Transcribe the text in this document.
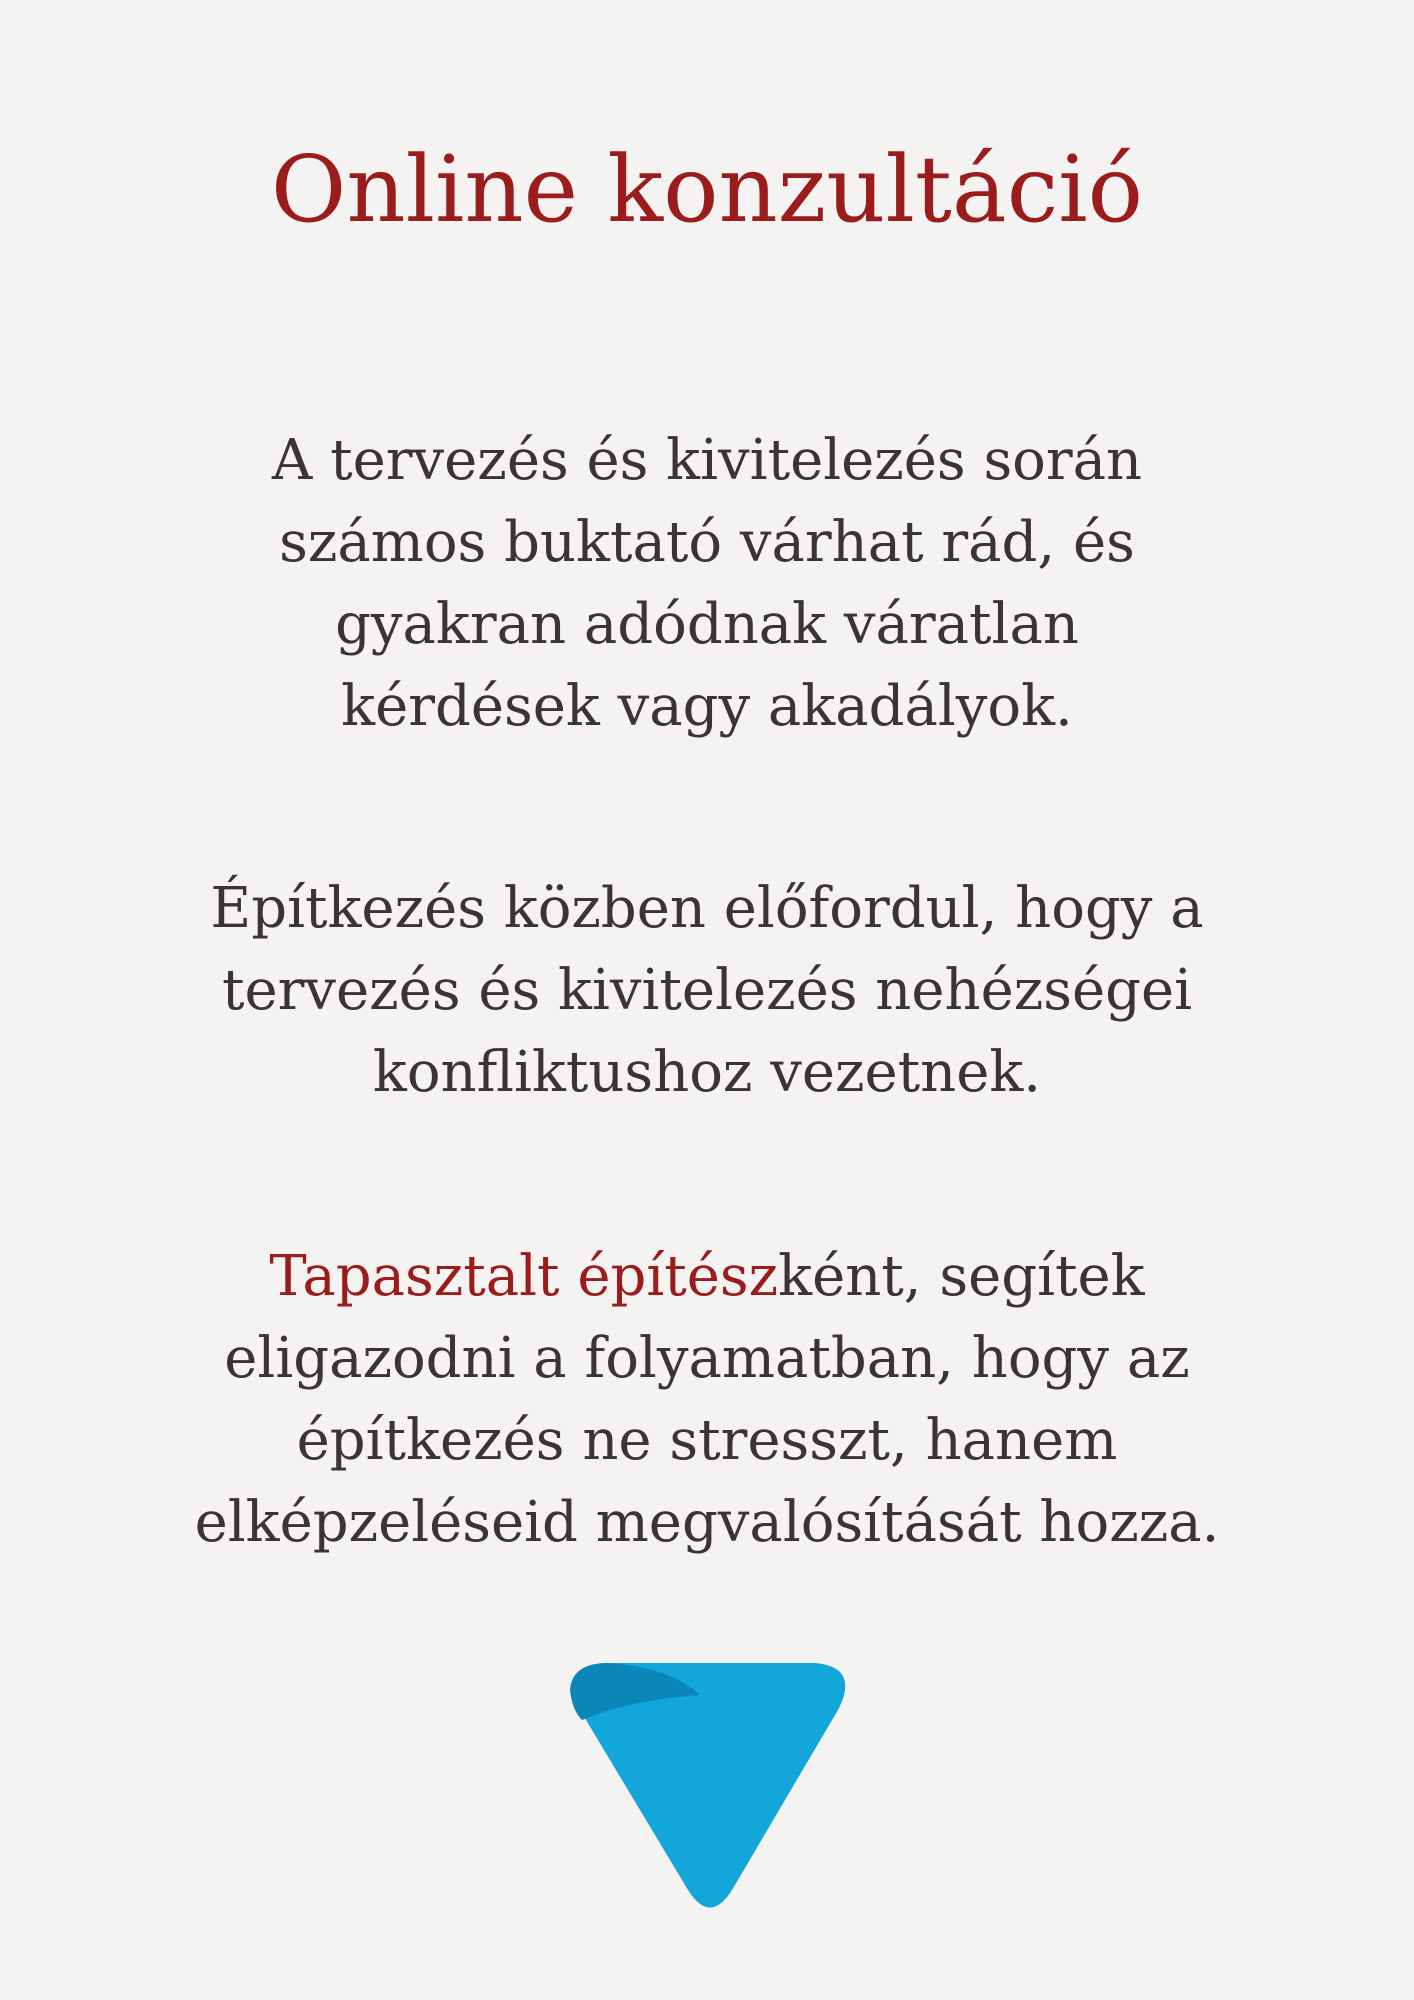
Online konzultáció

A tervezés és kivitelezés során
számos buktató várhat rád, és
gyakran adódnak váratlan
kérdések vagy akadályok.

Építkezés közben előfordul, hogy a
tervezés és kivitelezés nehézségei
konfliktushoz vezetnek.

Tapasztalt építészként, segítek
eligazodni a folyamatban, hogy az
építkezés ne stresszt, hanem
elképzeléseid megvalósítását hozza.
